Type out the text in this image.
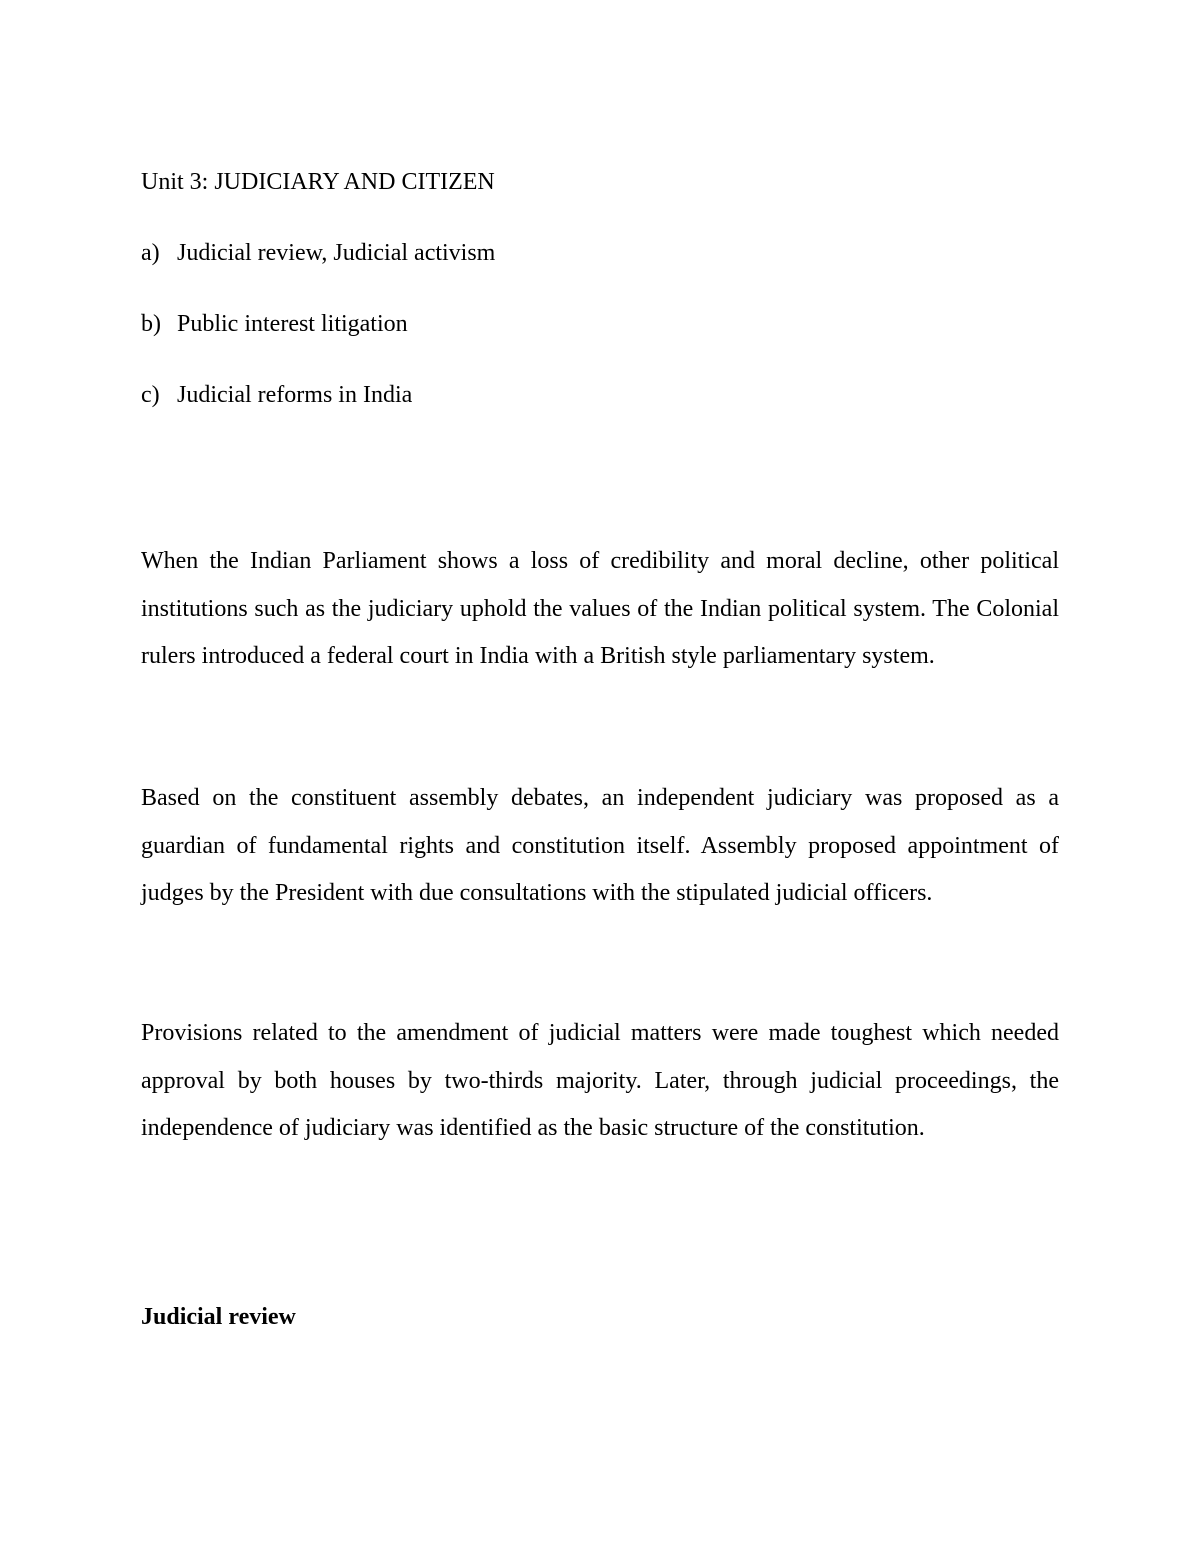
Unit 3: JUDICIARY AND CITIZEN
a) Judicial review, Judicial activism
b) Public interest litigation
c) Judicial reforms in India

When the Indian Parliament shows a loss of credibility and moral decline, other political institutions such as the judiciary uphold the values of the Indian political system. The Colonial rulers introduced a federal court in India with a British style parliamentary system.

Based on the constituent assembly debates, an independent judiciary was proposed as a guardian of fundamental rights and constitution itself. Assembly proposed appointment of judges by the President with due consultations with the stipulated judicial officers.

Provisions related to the amendment of judicial matters were made toughest which needed approval by both houses by two-thirds majority. Later, through judicial proceedings, the independence of judiciary was identified as the basic structure of the constitution.

Judicial review
